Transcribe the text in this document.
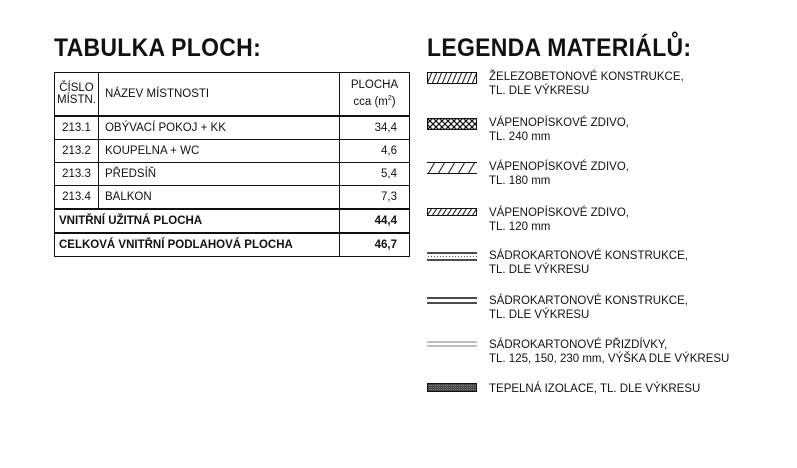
TABULKA PLOCH:	LEGENDA MATERIÁLŮ:
ČÍSLO
MÍSTN.	NÁZEV MÍSTNOSTI	PLOCHA
cca $(m^2)$
213.1	OBÝVACÍ POKOJ + KK	34,4
213.2	KOUPELNA + WC	4,6
213.3	PŘEDSÍŇ	5,4
213.4	BALKON	7,3
VNITŘNÍ UŽITNÁ PLOCHA		44,4
CELKOVÁ VNITŘNÍ PODLAHOVÁ PLOCHA		46,7
ŽELEZOBETONOVÉ KONSTRUKCE,
TL. DLE VÝKRESU
VÁPENOPÍSKOVÉ ZDIVO,
TL. 240 mm
VÁPENOPÍSKOVÉ ZDIVO,
TL. 180 mm
VÁPENOPÍSKOVÉ ZDIVO,
TL. 120 mm
SÁDROKARTONOVÉ KONSTRUKCE,
TL. DLE VÝKRESU
SÁDROKARTONOVÉ KONSTRUKCE,
TL. DLE VÝKRESU
SÁDROKARTONOVÉ PŘIZDÍVKY,
TL. 125, 150, 230 mm, VÝŠKA DLE VÝKRESU
TEPELNÁ IZOLACE, TL. DLE VÝKRESU
